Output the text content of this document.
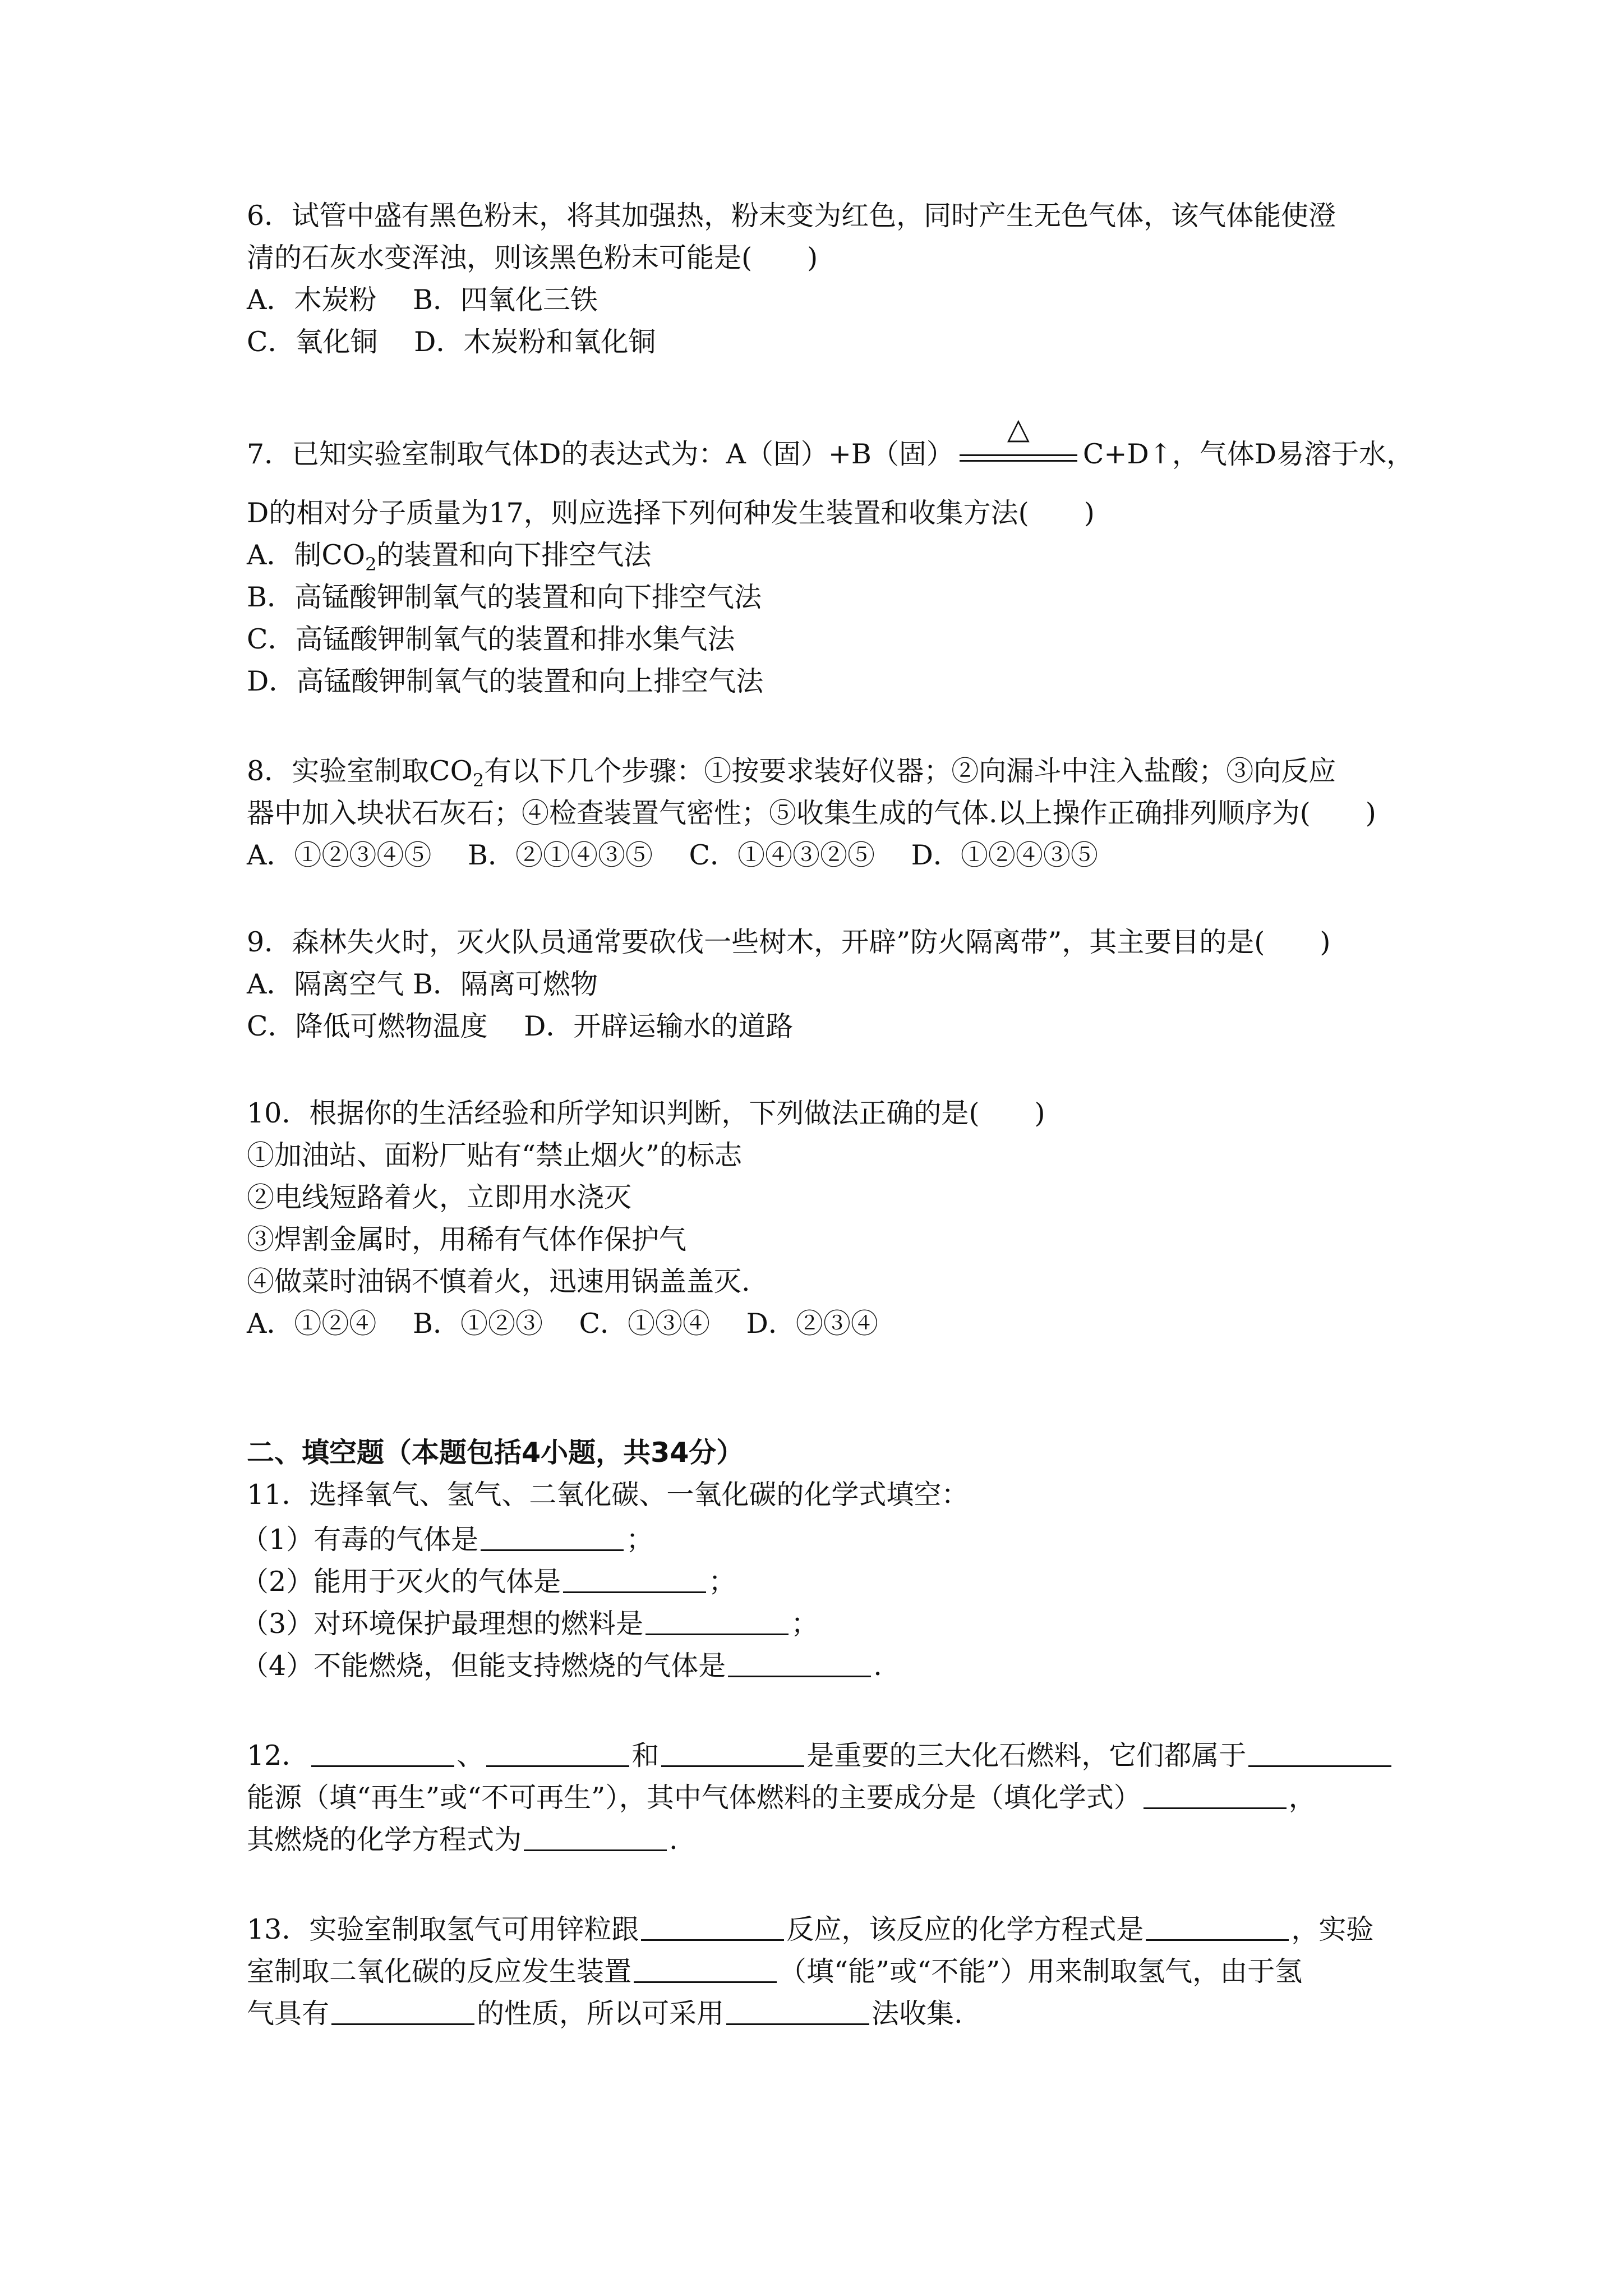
6．试管中盛有黑色粉末，将其加强热，粉末变为红色，同时产生无色气体，该气体能使澄
清的石灰水变浑浊，则该黑色粉末可能是(　　)
A．木炭粉　 B．四氧化三铁
C．氧化铜　 D．木炭粉和氧化铜
7．已知实验室制取气体D的表达式为：A（固）+B（固）
△
C+D↑，气体D易溶于水，
D的相对分子质量为17，则应选择下列何种发生装置和收集方法(　　)
A．制$CO_2$的装置和向下排空气法
B．高锰酸钾制氧气的装置和向下排空气法
C．高锰酸钾制氧气的装置和排水集气法
D．高锰酸钾制氧气的装置和向上排空气法
8．实验室制取$CO_2$有以下几个步骤：①按要求装好仪器；②向漏斗中注入盐酸；③向反应
器中加入块状石灰石；④检查装置气密性；⑤收集生成的气体.以上操作正确排列顺序为(　　)
A．①②③④⑤　 B．②①④③⑤　 C．①④③②⑤　 D．①②④③⑤
9．森林失火时，灭火队员通常要砍伐一些树木，开辟”防火隔离带”，其主要目的是(　　)
A．隔离空气 B．隔离可燃物
C．降低可燃物温度　 D．开辟运输水的道路
10．根据你的生活经验和所学知识判断，下列做法正确的是(　　)
①加油站、面粉厂贴有“禁止烟火”的标志
②电线短路着火，立即用水浇灭
③焊割金属时，用稀有气体作保护气
④做菜时油锅不慎着火，迅速用锅盖盖灭.
A．①②④　 B．①②③　 C．①③④　 D．②③④
二、填空题（本题包括4小题，共34分）
11．选择氧气、氢气、二氧化碳、一氧化碳的化学式填空：
（1）有毒的气体是	；
（2）能用于灭火的气体是	；
（3）对环境保护最理想的燃料是	；
（4）不能燃烧，但能支持燃烧的气体是	.
12．	、	和	是重要的三大化石燃料，它们都属于
能源（填“再生”或“不可再生”），其中气体燃料的主要成分是（填化学式）	，
其燃烧的化学方程式为	.
13．实验室制取氢气可用锌粒跟	反应，该反应的化学方程式是	，实验
室制取二氧化碳的反应发生装置	（填“能”或“不能”）用来制取氢气，由于氢
气具有	的性质，所以可采用	法收集.
